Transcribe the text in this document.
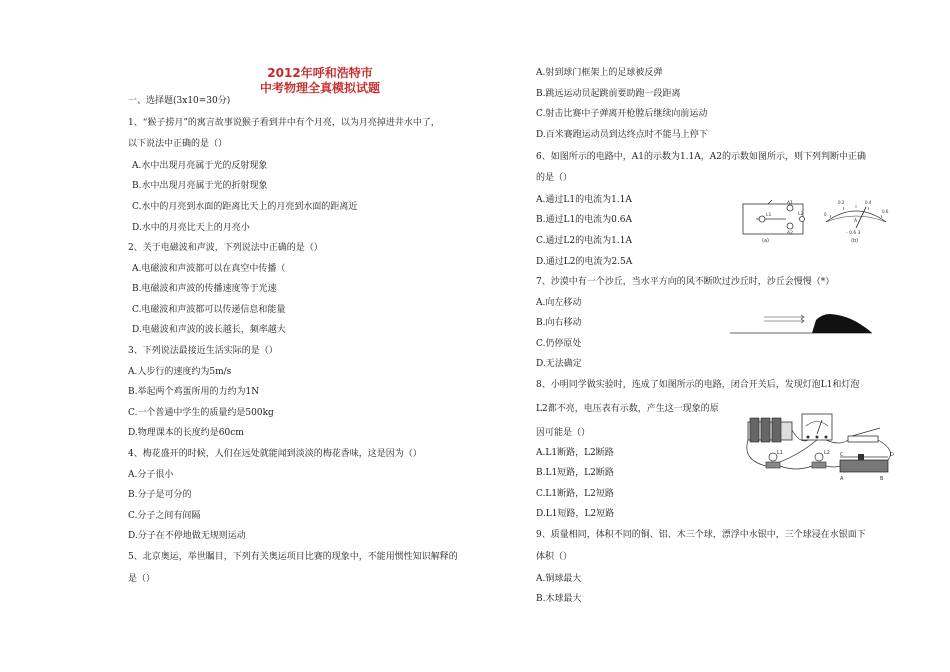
2012年呼和浩特市
中考物理全真模拟试题
一、选择题(3x10=30分)
1、“猴子捞月”的寓言故事说猴子看到井中有个月亮，以为月亮掉进井水中了，
以下说法中正确的是（）
A.水中出现月亮属于光的反射现象
B.水中出现月亮属于光的折射现象
C.水中的月亮到水面的距离比天上的月亮到水面的距离近
D.水中的月亮比天上的月亮小
2、关于电磁波和声波，下列说法中正确的是（）
A.电磁波和声波都可以在真空中传播（
B.电磁波和声波的传播速度等于光速
C.电磁波和声波都可以传递信息和能量
D.电磁波和声波的波长越长，频率越大
3、下列说法最接近生活实际的是（）
A.人步行的速度约为5m/s
B.举起两个鸡蛋所用的力约为1N
C.一个普通中学生的质量约是500kg
D.物理课本的长度约是60cm
4、梅花盛开的时候，人们在远处就能闻到淡淡的梅花香味，这是因为（）
A.分子很小
B.分子是可分的
C.分子之间有间隔
D.分子在不停地做无规则运动
5、北京奥运，举世瞩目，下列有关奥运项目比赛的现象中，不能用惯性知识解释的
是（）
A.射到球门框架上的足球被反弹
B.跳远运动员起跳前要助跑一段距离
C.射击比赛中子弹离开枪膛后继续向前运动
D.百米赛跑运动员到达终点时不能马上停下
6、如图所示的电路中，A1的示数为1.1A，A2的示数如图所示，则下列判断中正确
的是（）
A.通过L1的电流为1.1A
B.通过L1的电流为0.6A
C.通过L2的电流为1.1A
D.通过L2的电流为2.5A
7、沙漠中有一个沙丘，当水平方向的风不断吹过沙丘时，沙丘会慢慢（*）
A.向左移动
B.向右移动
C.仍停原处
D.无法确定
8、小明同学做实验时，连成了如图所示的电路，闭合开关后，发现灯泡L1和灯泡
L2都不亮，电压表有示数，产生这一现象的原
因可能是（）
A.L1断路，L2断路
B.L1短路，L2断路
C.L1断路，L2短路
D.L1短路，L2短路
9、质量相同，体积不同的铜、铝、木三个球，漂浮中水银中，三个球浸在水银面下
体积（）
A.铜球最大
B.木球最大
L1	L2
A1
A2
(a)
0
0.2	0.4
0.6
A
- 0.6 3
(b)
L1	L2
A	B
C	D
